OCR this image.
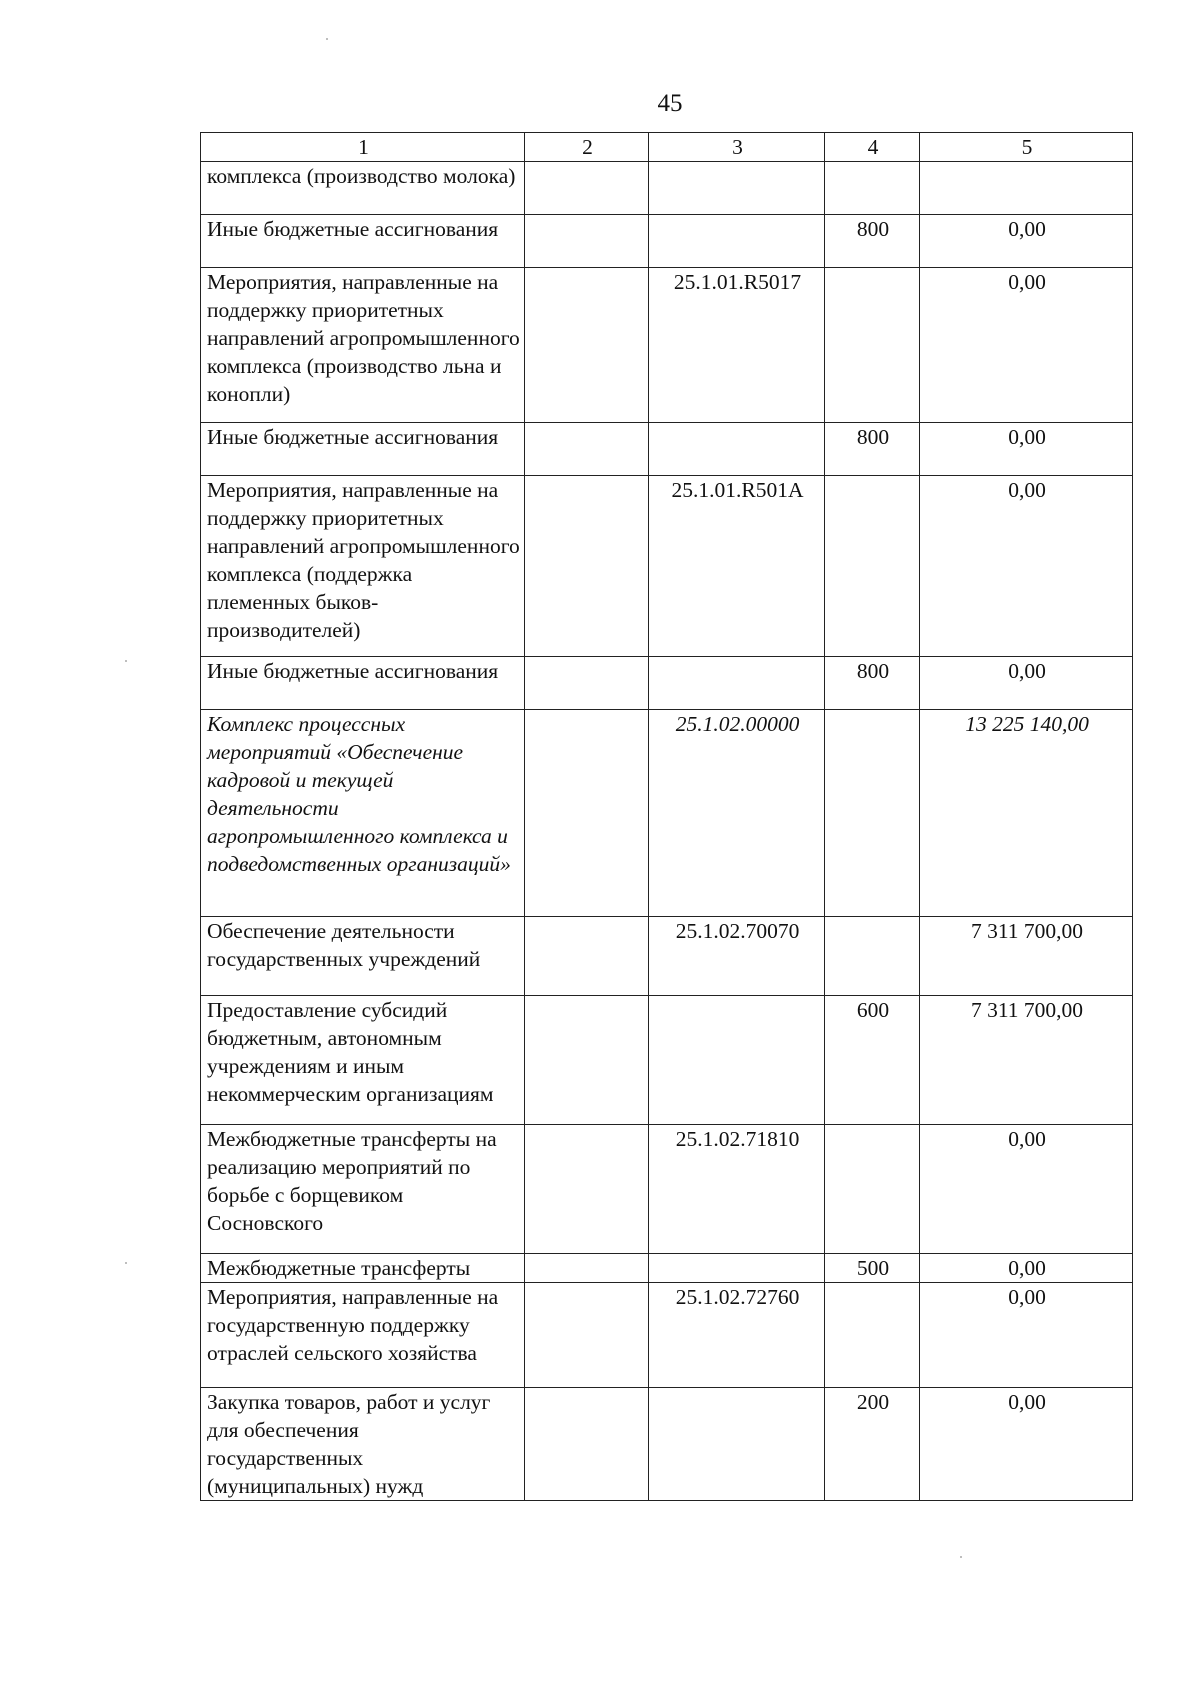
45
1	2	3	4	5
комплекса (производство молока)				
Иные бюджетные ассигнования			800	0,00
Мероприятия, направленные на поддержку приоритетных направлений агропромышленного комплекса (производство льна и конопли)		25.1.01.R5017		0,00
Иные бюджетные ассигнования			800	0,00
Мероприятия, направленные на поддержку приоритетных направлений агропромышленного комплекса (поддержка племенных быков-производителей)		25.1.01.R501A		0,00
Иные бюджетные ассигнования			800	0,00
Комплекс процессных мероприятий «Обеспечение кадровой и текущей деятельности агропромышленного комплекса и подведомственных организаций»		25.1.02.00000		13 225 140,00
Обеспечение деятельности государственных учреждений		25.1.02.70070		7 311 700,00
Предоставление субсидий бюджетным, автономным учреждениям и иным некоммерческим организациям			600	7 311 700,00
Межбюджетные трансферты на реализацию мероприятий по борьбе с борщевиком Сосновского		25.1.02.71810		0,00
Межбюджетные трансферты			500	0,00
Мероприятия, направленные на государственную поддержку отраслей сельского хозяйства		25.1.02.72760		0,00
Закупка товаров, работ и услуг для обеспечения государственных (муниципальных) нужд			200	0,00
